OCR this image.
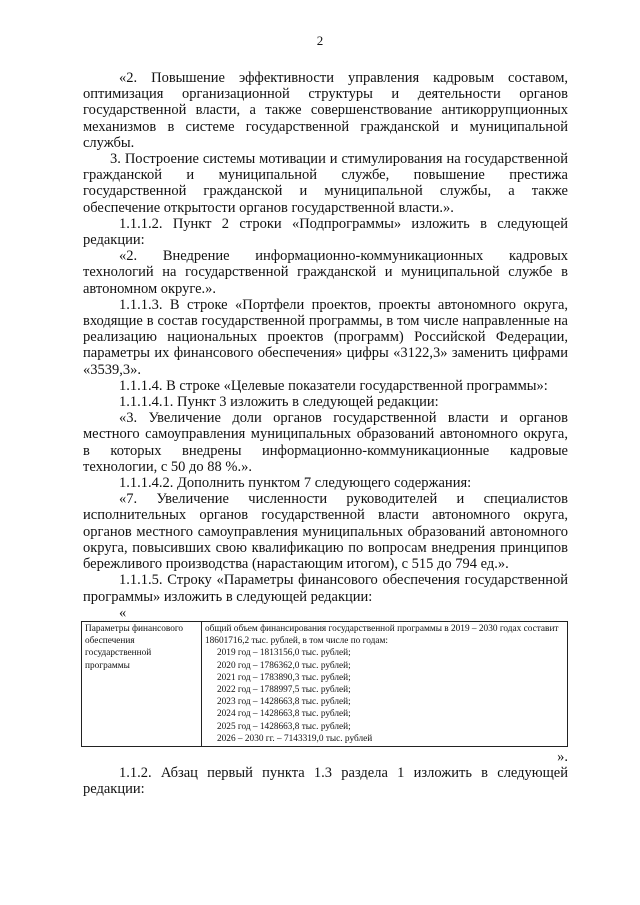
2

«2. Повышение эффективности управления кадровым составом, оптимизация организационной структуры и деятельности органов государственной власти, а также совершенствование антикоррупционных механизмов в системе государственной гражданской и муниципальной службы.

3. Построение системы мотивации и стимулирования на государственной гражданской и муниципальной службе, повышение престижа государственной гражданской и муниципальной службы, а также обеспечение открытости органов государственной власти.».

1.1.1.2. Пункт 2 строки «Подпрограммы» изложить в следующей редакции:

«2. Внедрение информационно-коммуникационных кадровых технологий на государственной гражданской и муниципальной службе в автономном округе.».

1.1.1.3. В строке «Портфели проектов, проекты автономного округа, входящие в состав государственной программы, в том числе направленные на реализацию национальных проектов (программ) Российской Федерации, параметры их финансового обеспечения» цифры «3122,3» заменить цифрами «3539,3».

1.1.1.4. В строке «Целевые показатели государственной программы»:

1.1.1.4.1. Пункт 3 изложить в следующей редакции:

«3. Увеличение доли органов государственной власти и органов местного самоуправления муниципальных образований автономного округа, в которых внедрены информационно-коммуникационные кадровые технологии, с 50 до 88 %.».

1.1.1.4.2. Дополнить пунктом 7 следующего содержания:

«7. Увеличение численности руководителей и специалистов исполнительных органов государственной власти автономного округа, органов местного самоуправления муниципальных образований автономного округа, повысивших свою квалификацию по вопросам внедрения принципов бережливого производства (нарастающим итогом), с 515 до 794 ед.».

1.1.1.5. Строку «Параметры финансового обеспечения государственной программы» изложить в следующей редакции:

«
Параметры финансового обеспечения государственной программы	
общий объем финансирования государственной программы в 2019 – 2030 годах составит 18601716,2 тыс. рублей, в том числе по годам:
2019 год – 1813156,0 тыс. рублей;
2020 год – 1786362,0 тыс. рублей;
2021 год – 1783890,3 тыс. рублей;
2022 год – 1788997,5 тыс. рублей;
2023 год – 1428663,8 тыс. рублей;
2024 год – 1428663,8 тыс. рублей;
2025 год – 1428663,8 тыс. рублей;
2026 – 2030 гг. – 7143319,0 тыс. рублей
».

1.1.2. Абзац первый пункта 1.3 раздела 1 изложить в следующей редакции:
